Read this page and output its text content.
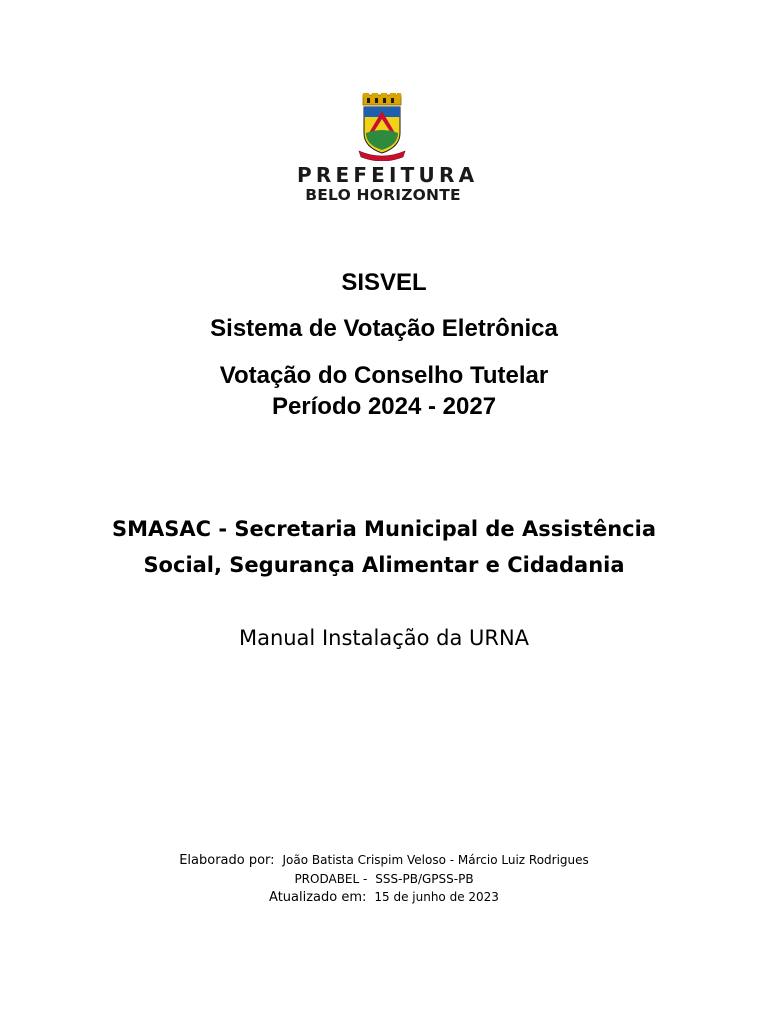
PREFEITURA
BELO HORIZONTE
SISVEL
Sistema de Votação Eletrônica
Votação do Conselho Tutelar
Período 2024 - 2027
SMASAC - Secretaria Municipal de Assistência
Social, Segurança Alimentar e Cidadania
Manual Instalação da URNA
Elaborado por: João Batista Crispim Veloso - Márcio Luiz Rodrigues
PRODABEL - SSS-PB/GPSS-PB
Atualizado em: 15 de junho de 2023
